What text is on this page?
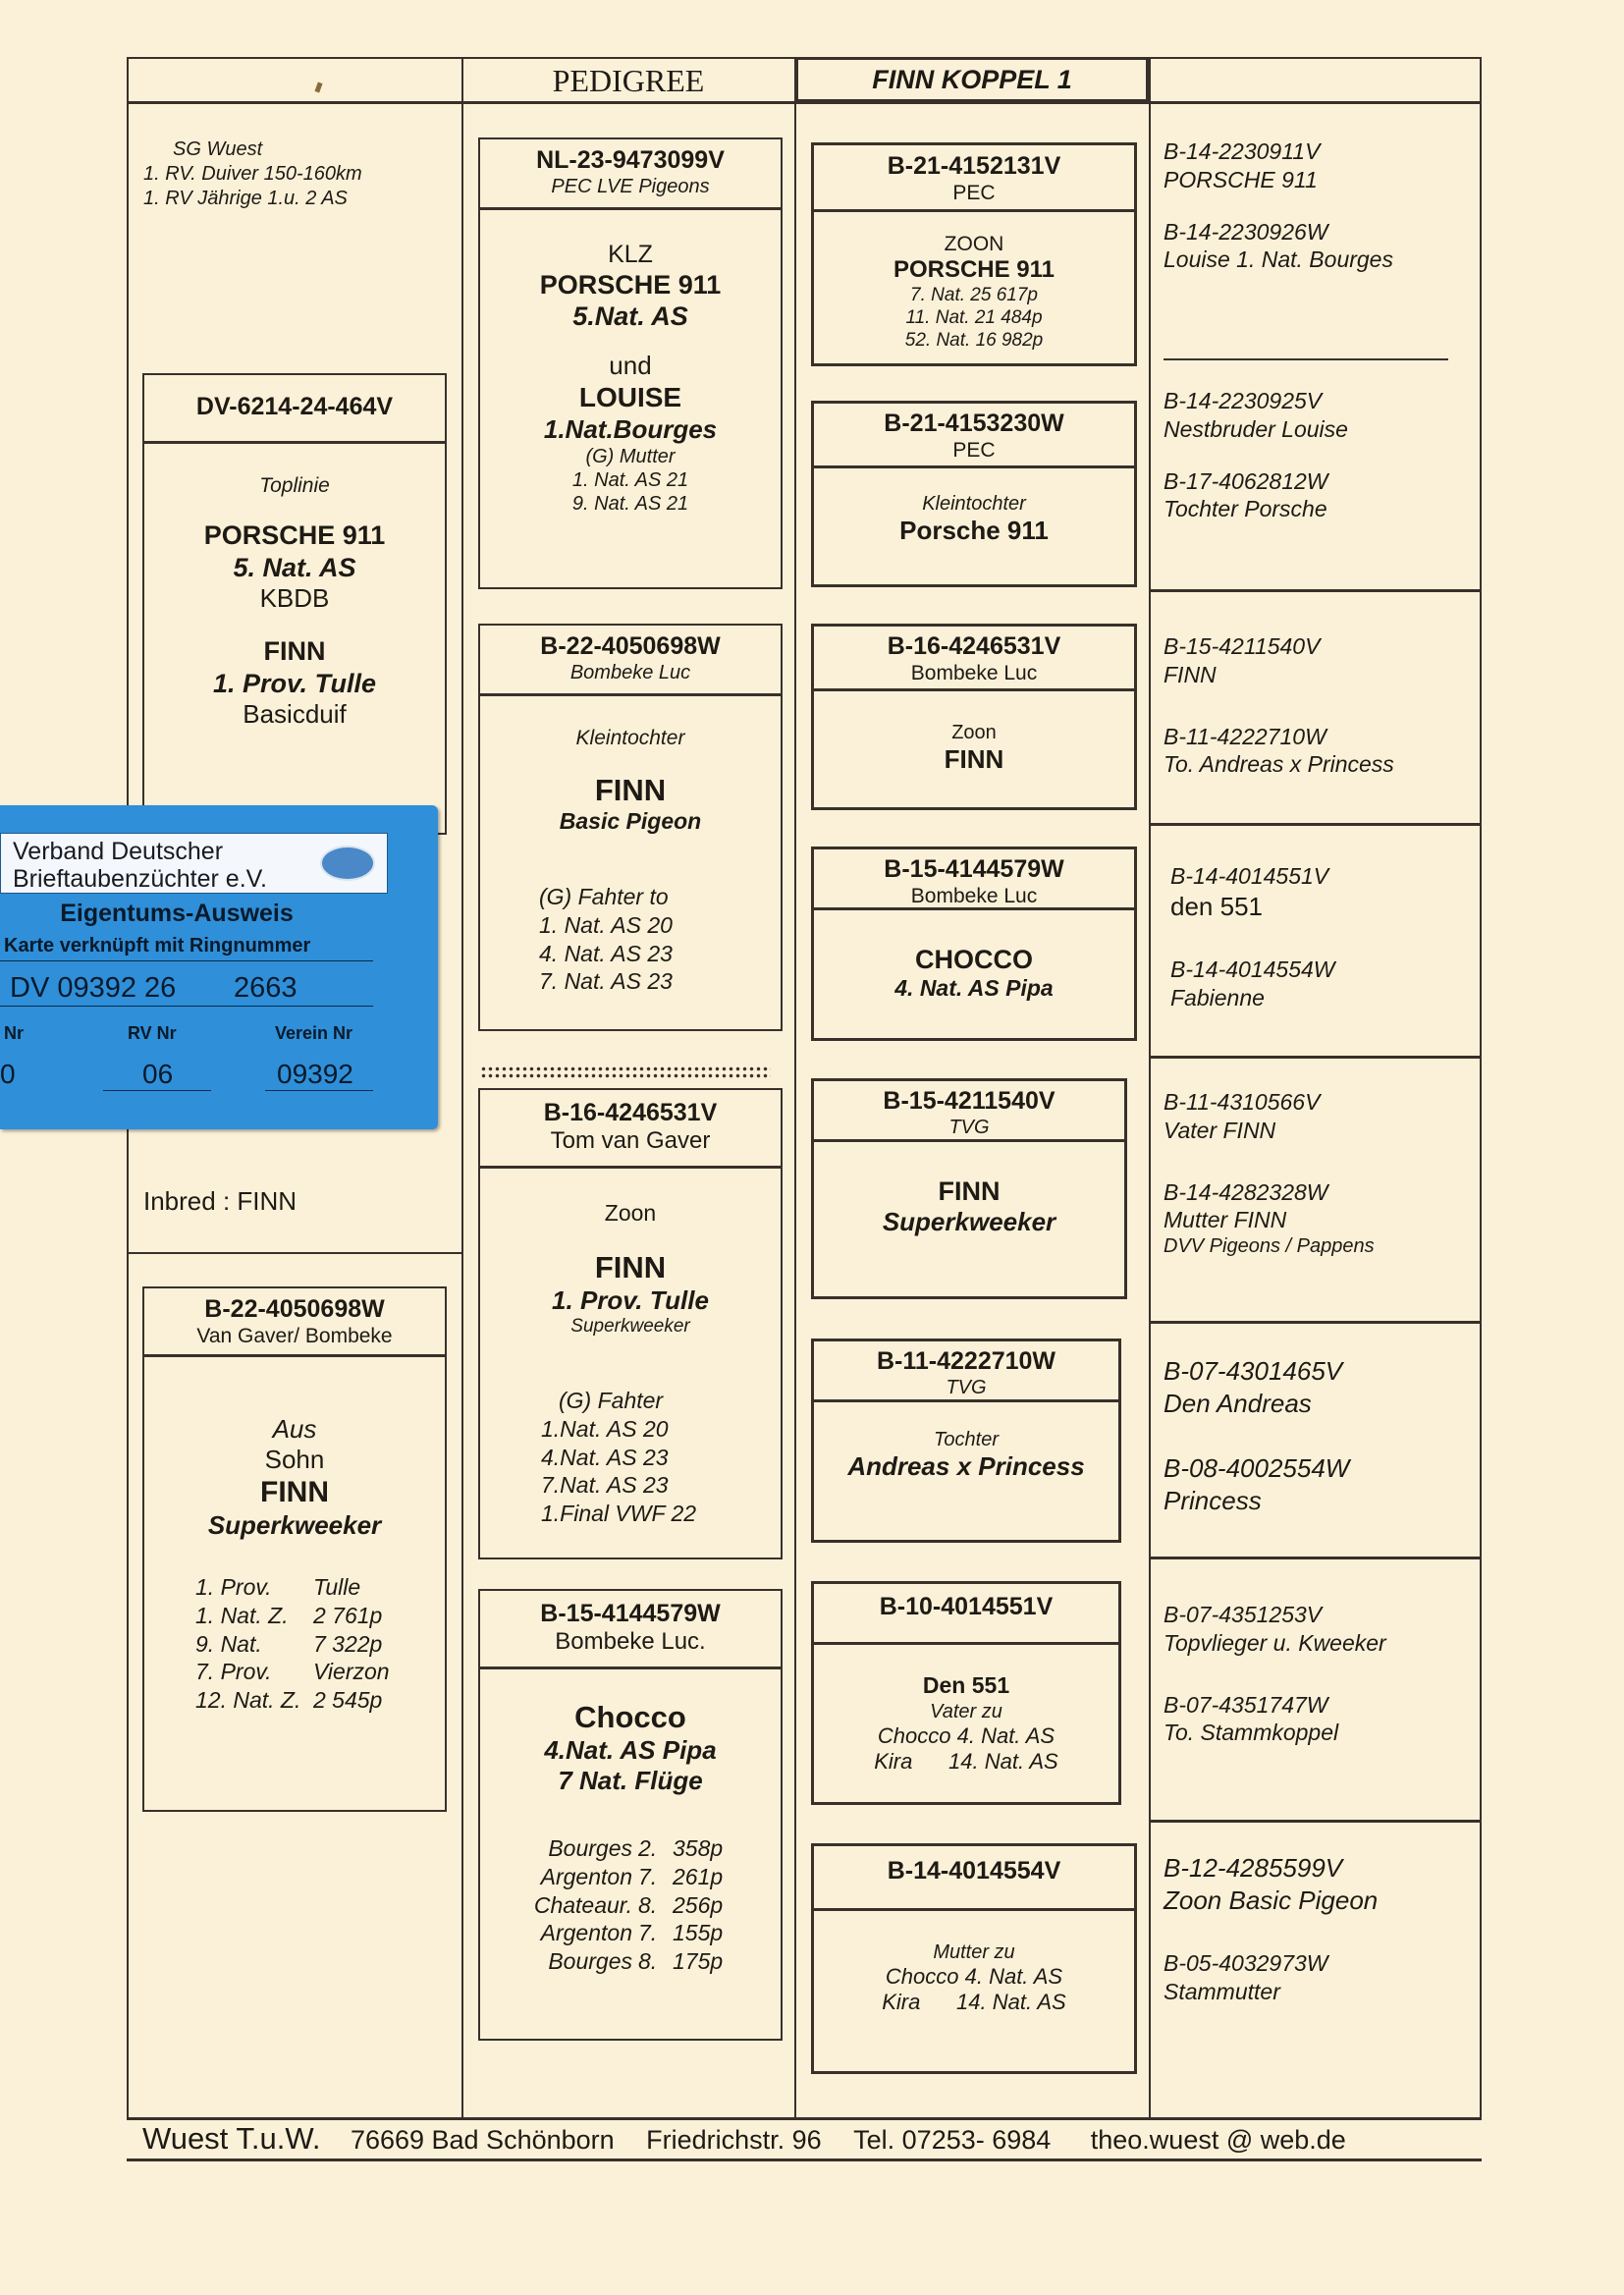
PEDIGREE	FINN KOPPEL 1
SG Wuest
1. RV. Duiver 150-160km
1. RV Jährige 1.u. 2 AS
DV-6214-24-464V
Toplinie
PORSCHE 911
5. Nat. AS
KBDB
FINN
1. Prov. Tulle
Basicduif
Inbred : FINN
Verband Deutscher
Brieftaubenzüchter e.V.
Eigentums-Ausweis
Karte verknüpft mit Ringnummer
DV 09392 26 2663
Nr	RV Nr	Verein Nr
0	06	09392
B-22-4050698W
Van Gaver/ Bombeke
Aus
Sohn
FINN
Superkweeker
1. Prov.	Tulle
1. Nat. Z.	2 761p
9. Nat.	7 322p
7. Prov.	Vierzon
12. Nat. Z. 2 545p
NL-23-9473099V
PEC LVE Pigeons
KLZ
PORSCHE 911
5.Nat. AS
und
LOUISE
1.Nat.Bourges
(G) Mutter
1. Nat. AS 21
9. Nat. AS 21
B-22-4050698W
Bombeke Luc
Kleintochter
FINN
Basic Pigeon
(G) Fahter to
1. Nat. AS 20
4. Nat. AS 23
7. Nat. AS 23
B-16-4246531V
Tom van Gaver
Zoon
FINN
1. Prov. Tulle
Superkweeker
(G) Fahter
1.Nat. AS 20
4.Nat. AS 23
7.Nat. AS 23
1.Final VWF 22
B-15-4144579W
Bombeke Luc.
Chocco
4.Nat. AS Pipa
7 Nat. Flüge
Bourges 2. 358p
Argenton 7. 261p
Chateaur. 8. 256p
Argenton 7. 155p
Bourges 8. 175p
B-21-4152131V
PEC
ZOON
PORSCHE 911
7. Nat. 25 617p
11. Nat. 21 484p
52. Nat. 16 982p
B-21-4153230W
PEC
Kleintochter
Porsche 911
B-16-4246531V
Bombeke Luc
Zoon
FINN
B-15-4144579W
Bombeke Luc
CHOCCO
4. Nat. AS Pipa
B-15-4211540V
TVG
FINN
Superkweeker
B-11-4222710W
TVG
Tochter
Andreas x Princess
B-10-4014551V
Den 551
Vater zu
Chocco 4. Nat. AS
Kira      14. Nat. AS
B-14-4014554V
Mutter zu
Chocco 4. Nat. AS
Kira      14. Nat. AS
B-14-2230911V
PORSCHE 911
B-14-2230926W
Louise 1. Nat. Bourges
B-14-2230925V
Nestbruder Louise
B-17-4062812W
Tochter Porsche
B-15-4211540V
FINN
B-11-4222710W
To. Andreas x Princess
B-14-4014551V
den 551
B-14-4014554W
Fabienne
B-11-4310566V
Vater FINN
B-14-4282328W
Mutter FINN
DVV Pigeons / Pappens
B-07-4301465V
Den Andreas
B-08-4002554W
Princess
B-07-4351253V
Topvlieger u. Kweeker
B-07-4351747W
To. Stammkoppel
B-12-4285599V
Zoon Basic Pigeon
B-05-4032973W
Stammutter
Wuest T.u.W. 76669 Bad Schönborn Friedrichstr. 96 Tel. 07253- 6984 theo.wuest @ web.de
